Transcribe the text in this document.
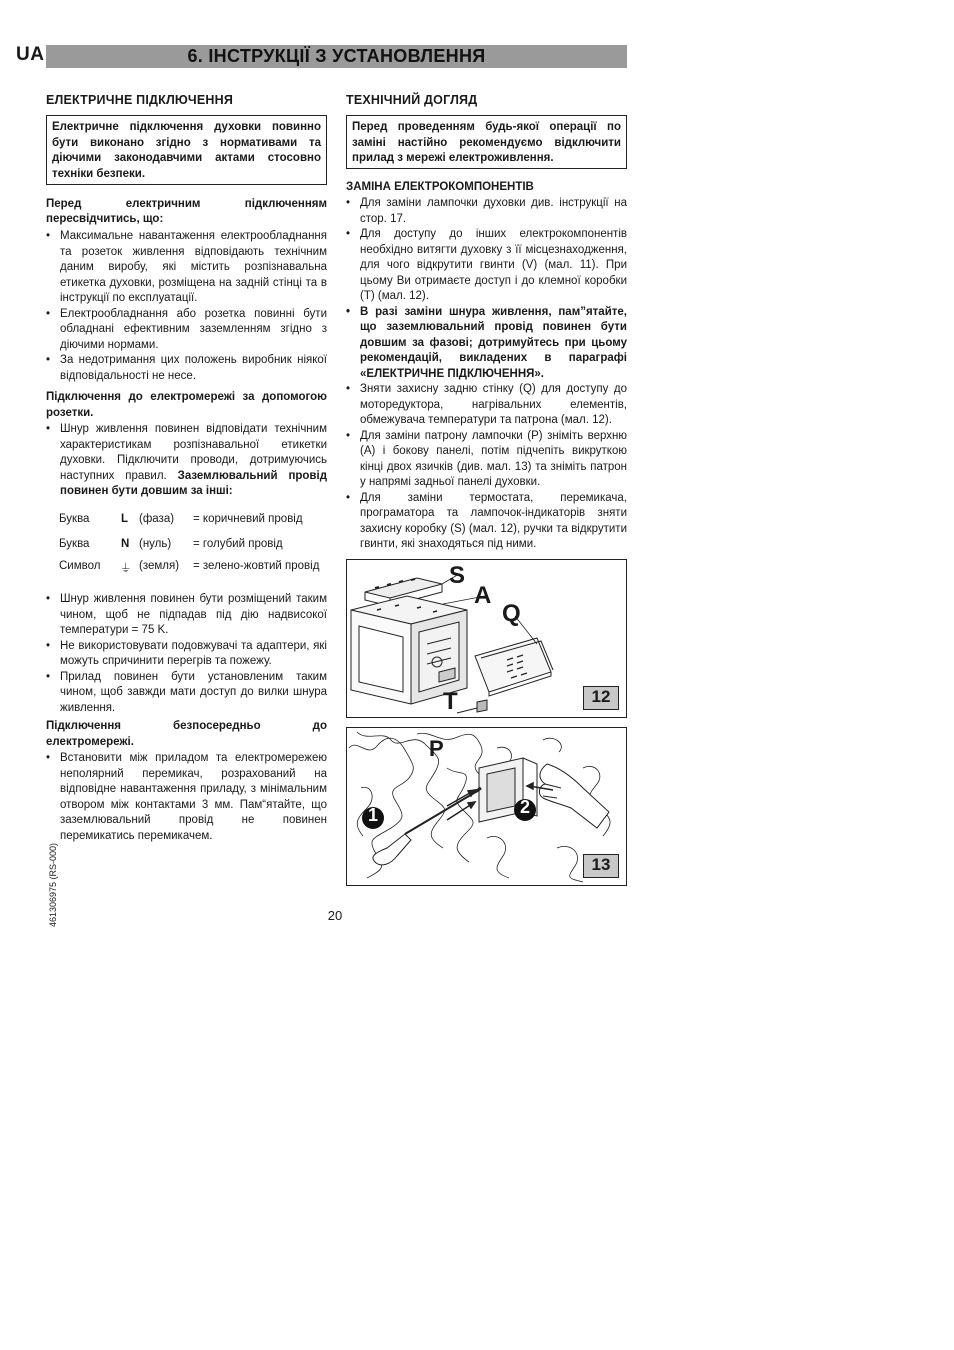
UA	6. ІНСТРУКЦІЇ З УСТАНОВЛЕННЯ
ЕЛЕКТРИЧНЕ ПІДКЛЮЧЕННЯ
Електричне підключення духовки повинно бути виконано згідно з нормативами та діючими законодавчими актами стосовно техніки безпеки.
Перед електричним підключенням
пересвідчитись, що:
• Максимальне навантаження електрообладнання та розеток живлення відповідають технічним даним виробу, які містить розпізнавальна етикетка духовки, розміщена на задній стінці та в інструкції по експлуатації.
• Електрообладнання або розетка повинні бути обладнані ефективним заземленням згідно з діючими нормами.
• За недотримання цих положень виробник ніякої відповідальності не несе.
Підключення до електромережі за допомогою розетки.
• Шнур живлення повинен відповідати технічним характеристикам розпізнавальної етикетки духовки. Підключити проводи, дотримуючись наступних правил. Заземлювальний провід повинен бути довшим за інші:
Буква	L (фаза) = коричневий провід
Буква	N (нуль) = голубий провід
Символ ⏚ (земля) = зелено-жовтий провід
• Шнур живлення повинен бути розміщений таким чином, щоб не підпадав під дію надвисокої температури = 75 K.
• Не використовувати подовжувачі та адаптери, які можуть спричинити перегрів та пожежу.
• Прилад повинен бути установленим таким чином, щоб завжди мати доступ до вилки шнура живлення.
Підключення безпосередньо до
електромережі.
• Встановити між приладом та електромережею неполярний перемикач, розрахований на відповідне навантаження приладу, з мінімальним отвором між контактами 3 мм. Пам“ятайте, що заземлювальний провід не повинен перемикатись перемикачем.
ТЕХНІЧНИЙ ДОГЛЯД
Перед проведенням будь-якої операції по заміні настійно рекомендуємо відключити прилад з мережі електроживлення.
ЗАМІНА ЕЛЕКТРОКОМПОНЕНТІВ
• Для заміни лампочки духовки див. інструкції на стор. 17.
• Для доступу до інших електрокомпонентів необхідно витягти духовку з її місцезнаходження, для чого відкрутити гвинти (V) (мал. 11). При цьому Ви отримаєте доступ і до клемної коробки (T) (мал. 12).
• В разі заміни шнура живлення, пам”ятайте, що заземлювальний провід повинен бути довшим за фазові; дотримуйтесь при цьому рекомендацій, викладених в параграфі «ЕЛЕКТРИЧНЕ ПІДКЛЮЧЕННЯ».
• Зняти захисну задню стінку (Q) для доступу до моторедуктора, нагрівальних елементів, обмежувача температури та патрона (мал. 12).
• Для заміни патрону лампочки (P) зніміть верхню (A) і бокову панелі, потім підчепіть викруткою кінці двох язичків (див. мал. 13) та зніміть патрон у напрямі задньої панелі духовки.
• Для заміни термостата, перемикача, програматора та лампочок-індикаторів зняти захисну коробку (S) (мал. 12), ручки та відкрутити гвинти, які знаходяться під ними.
S
A
Q
T	12
P
1	2
13
20
461306975 (RS-000)
